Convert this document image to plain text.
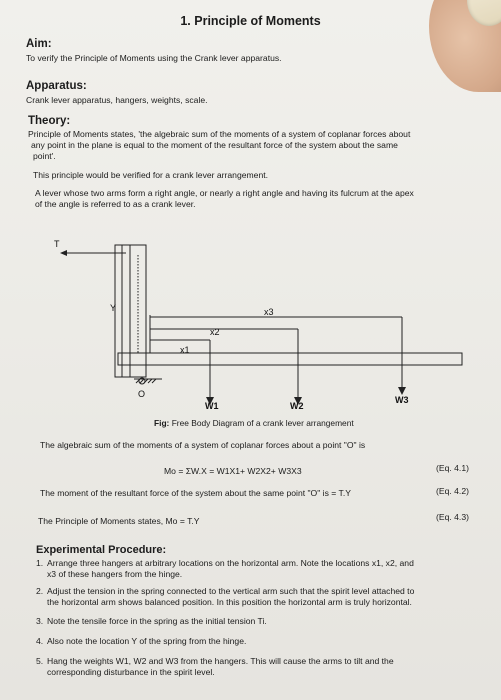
1. Principle of Moments
Aim:
To verify the Principle of Moments using the Crank lever apparatus.
Apparatus:
Crank lever apparatus, hangers, weights, scale.
Theory:
Principle of Moments states, 'the algebraic sum of the moments of a system of coplanar forces about
any point in the plane is equal to the moment of the resultant force of the system about the same
point'.
This principle would be verified for a crank lever arrangement.
A lever whose two arms form a right angle, or nearly a right angle and having its fulcrum at the apex
of the angle is referred to as a crank lever.
T
Y
O
x1
x2
x3
W1	W2
W3
Fig: Free Body Diagram of a crank lever arrangement
The algebraic sum of the moments of a system of coplanar forces about a point "O" is
Mo = ΣW.X = W1X1+ W2X2+ W3X3	(Eq. 4.1)
The moment of the resultant force of the system about the same point "O" is = T.Y	(Eq. 4.2)
The Principle of Moments states, Mo = T.Y	(Eq. 4.3)
Experimental Procedure:
1. Arrange three hangers at arbitrary locations on the horizontal arm. Note the locations x1, x2, and
x3 of these hangers from the hinge.
2. Adjust the tension in the spring connected to the vertical arm such that the spirit level attached to
the horizontal arm shows balanced position. In this position the horizontal arm is truly horizontal.
3. Note the tensile force in the spring as the initial tension Ti.
4. Also note the location Y of the spring from the hinge.
5. Hang the weights W1, W2 and W3 from the hangers. This will cause the arms to tilt and the
corresponding disturbance in the spirit level.
